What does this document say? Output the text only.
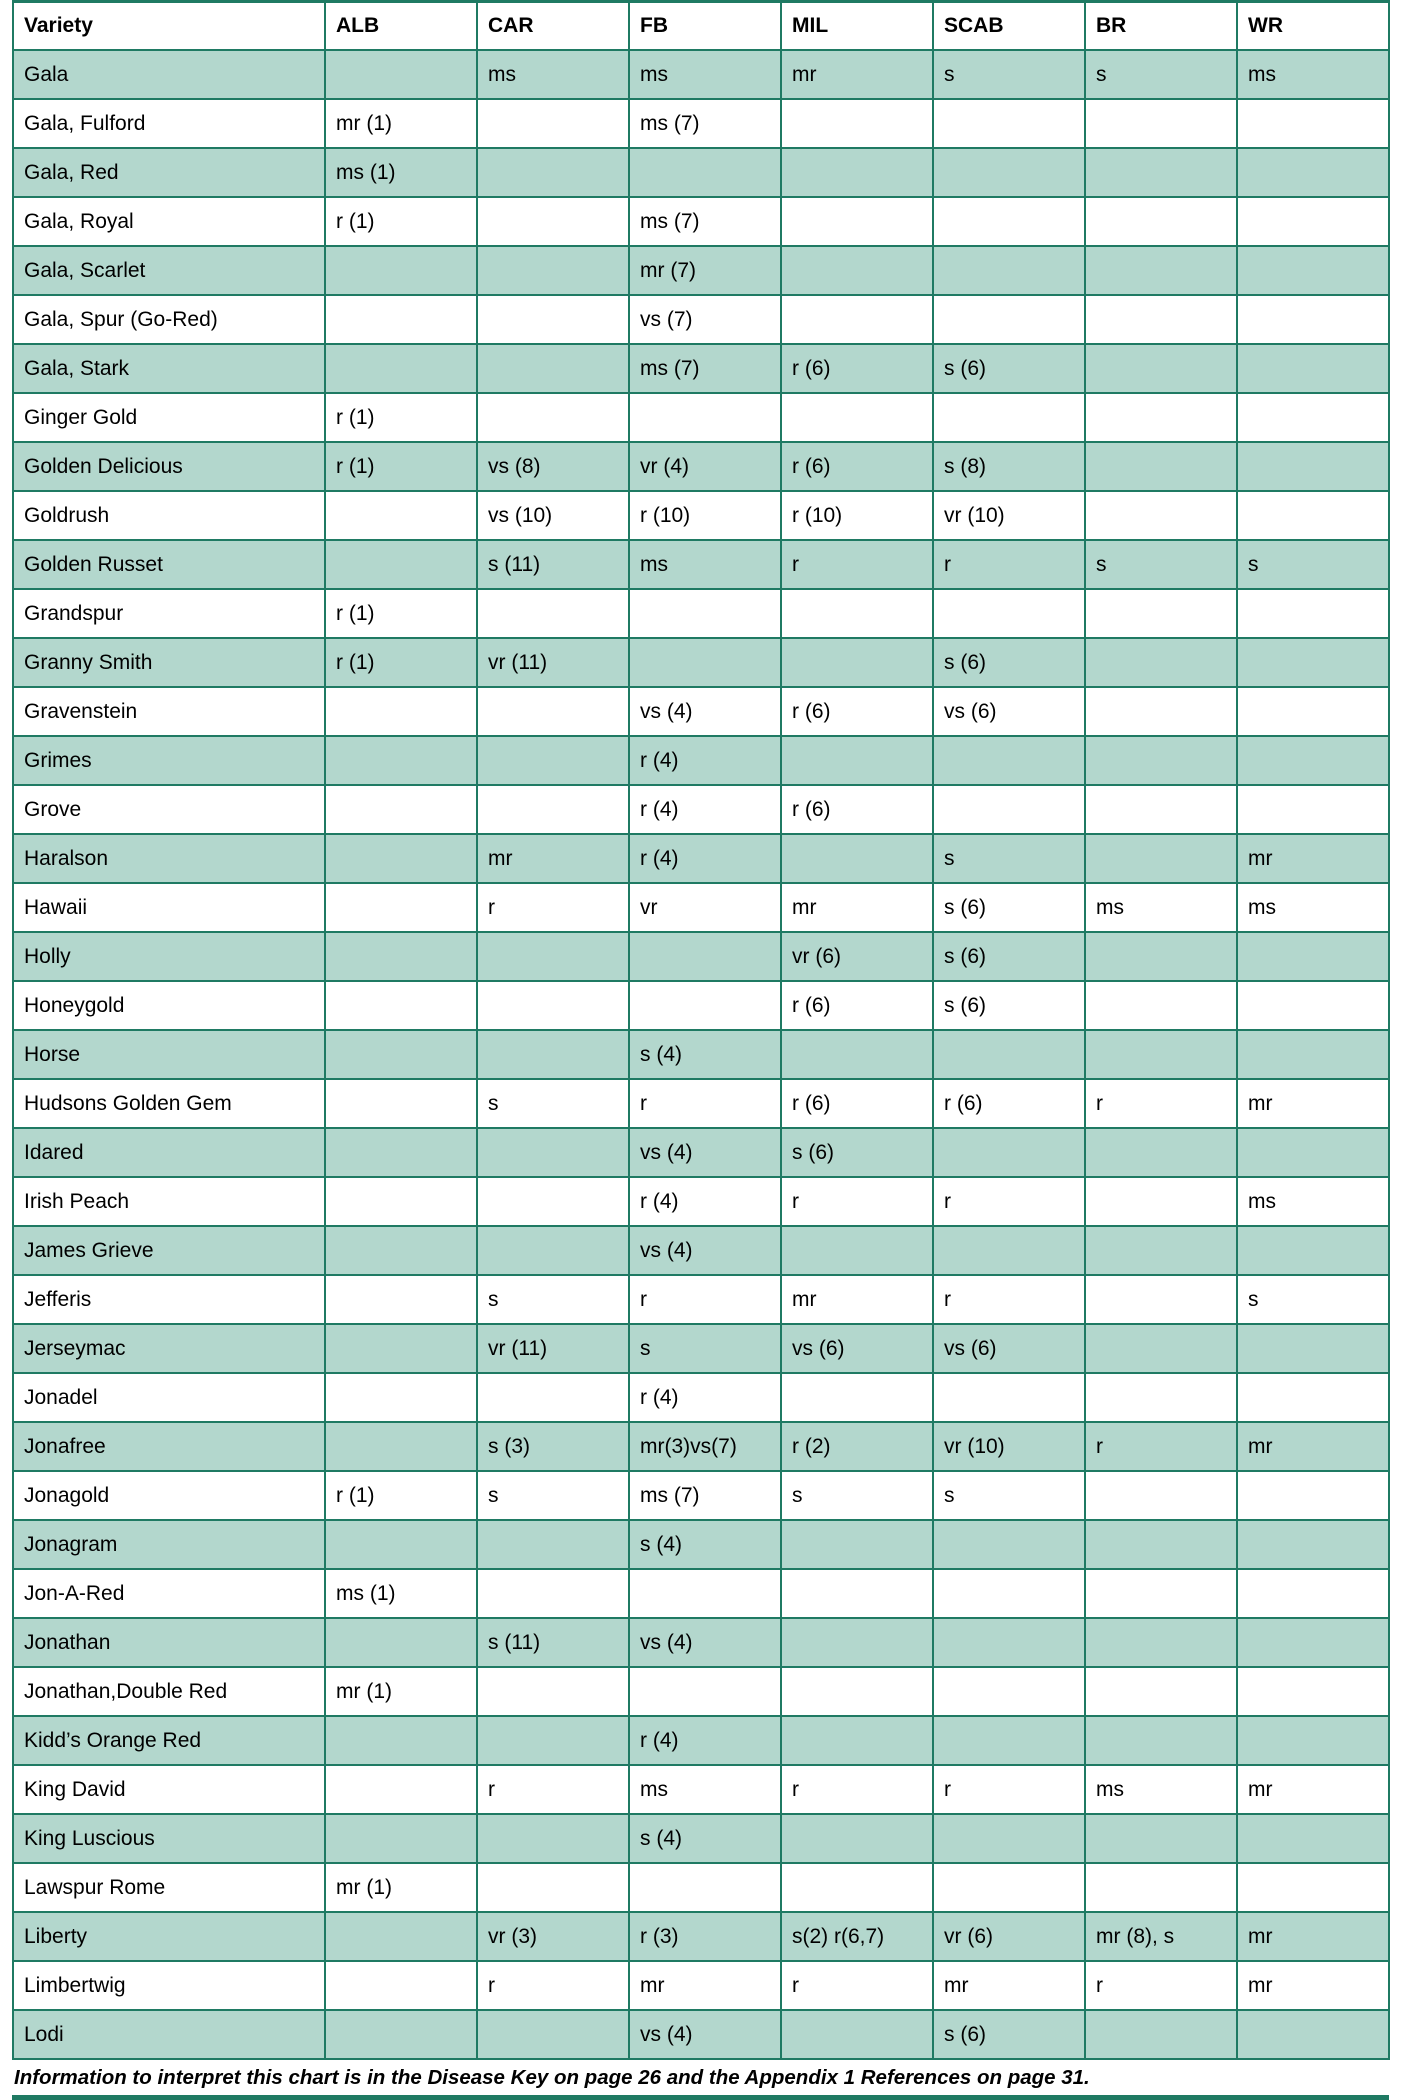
Variety	ALB	CAR	FB	MIL	SCAB	BR	WR
Gala		ms	ms	mr	s	s	ms
Gala, Fulford	mr (1)		ms (7)				
Gala, Red	ms (1)						
Gala, Royal	r (1)		ms (7)				
Gala, Scarlet			mr (7)				
Gala, Spur (Go-Red)			vs (7)				
Gala, Stark			ms (7)	r (6)	s (6)		
Ginger Gold	r (1)						
Golden Delicious	r (1)	vs (8)	vr (4)	r (6)	s (8)		
Goldrush		vs (10)	r (10)	r (10)	vr (10)		
Golden Russet		s (11)	ms	r	r	s	s
Grandspur	r (1)						
Granny Smith	r (1)	vr (11)			s (6)		
Gravenstein			vs (4)	r (6)	vs (6)		
Grimes			r (4)				
Grove			r (4)	r (6)			
Haralson		mr	r (4)		s		mr
Hawaii		r	vr	mr	s (6)	ms	ms
Holly				vr (6)	s (6)		
Honeygold				r (6)	s (6)		
Horse			s (4)				
Hudsons Golden Gem		s	r	r (6)	r (6)	r	mr
Idared			vs (4)	s (6)			
Irish Peach			r (4)	r	r		ms
James Grieve			vs (4)				
Jefferis		s	r	mr	r		s
Jerseymac		vr (11)	s	vs (6)	vs (6)		
Jonadel			r (4)				
Jonafree		s (3)	mr(3)vs(7)	r (2)	vr (10)	r	mr
Jonagold	r (1)	s	ms (7)	s	s		
Jonagram			s (4)				
Jon-A-Red	ms (1)						
Jonathan		s (11)	vs (4)				
Jonathan,Double Red	mr (1)						
Kidd’s Orange Red			r (4)				
King David		r	ms	r	r	ms	mr
King Luscious			s (4)				
Lawspur Rome	mr (1)						
Liberty		vr (3)	r (3)	s(2) r(6,7)	vr (6)	mr (8), s	mr
Limbertwig		r	mr	r	mr	r	mr
Lodi			vs (4)		s (6)		
Information to interpret this chart is in the Disease Key on page 26 and the Appendix 1 References on page 31.
